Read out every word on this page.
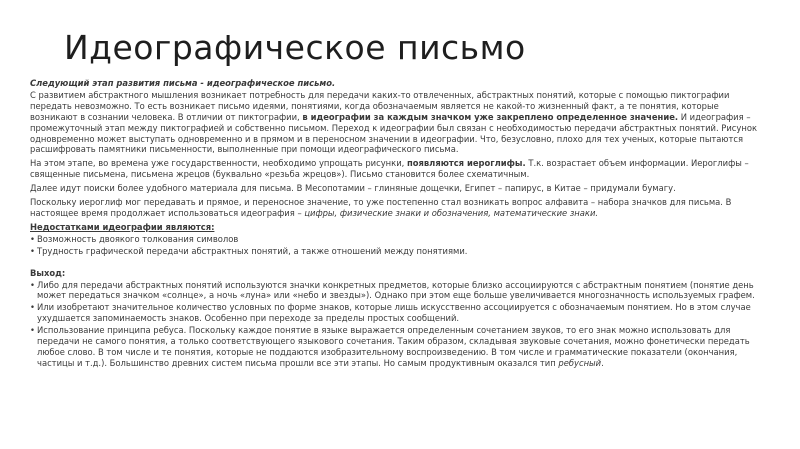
Идеографическое письмо

Следующий этап развития письма - идеографическое письмо.

С развитием абстрактного мышления возникает потребность для передачи каких-то отвлеченных, абстрактных понятий, которые с помощью пиктографии передать невозможно. То есть возникает письмо идеями, понятиями, когда обозначаемым является не какой-то жизненный факт, а те понятия, которые возникают в сознании человека. В отличии от пиктографии, в идеографии за каждым значком уже закреплено определенное значение. И идеография – промежуточный этап между пиктографией и собственно письмом. Переход к идеографии был связан с необходимостью передачи абстрактных понятий. Рисунок одновременно может выступать одновременно и в прямом и в переносном значении в идеографии. Что, безусловно, плохо для тех ученых, которые пытаются расшифровать памятники письменности, выполненные при помощи идеографического письма.

На этом этапе, во времена уже государственности, необходимо упрощать рисунки, появляются иероглифы. Т.к. возрастает объем информации. Иероглифы – священные письмена, письмена жрецов (буквально «резьба жрецов»). Письмо становится более схематичным.

Далее идут поиски более удобного материала для письма. В Месопотамии – глиняные дощечки, Египет – папирус, в Китае – придумали бумагу.

Поскольку иероглиф мог передавать и прямое, и переносное значение, то уже постепенно стал возникать вопрос алфавита – набора значков для письма. В настоящее время продолжает использоваться идеография – цифры, физические знаки и обозначения, математические знаки.

Недостатками идеографии являются:

• Возможность двоякого толкования символов
• Трудность графической передачи абстрактных понятий, а также отношений между понятиями.

Выход:

• Либо для передачи абстрактных понятий используются значки конкретных предметов, которые близко ассоциируются с абстрактным понятием (понятие день может передаться значком «солнце», а ночь «луна» или «небо и звезды»). Однако при этом еще больше увеличивается многозначность используемых графем.
• Или изобретают значительное количество условных по форме знаков, которые лишь искусственно ассоциируется с обозначаемым понятием. Но в этом случае ухудшается запоминаемость знаков. Особенно при переходе за пределы простых сообщений.
• Использование принципа ребуса. Поскольку каждое понятие в языке выражается определенным сочетанием звуков, то его знак можно использовать для передачи не самого понятия, а только соответствующего языкового сочетания. Таким образом, складывая звуковые сочетания, можно фонетически передать любое слово. В том числе и те понятия, которые не поддаются изобразительному воспроизведению. В том числе и грамматические показатели (окончания, частицы и т.д.). Большинство древних систем письма прошли все эти этапы. Но самым продуктивным оказался тип ребусный.
